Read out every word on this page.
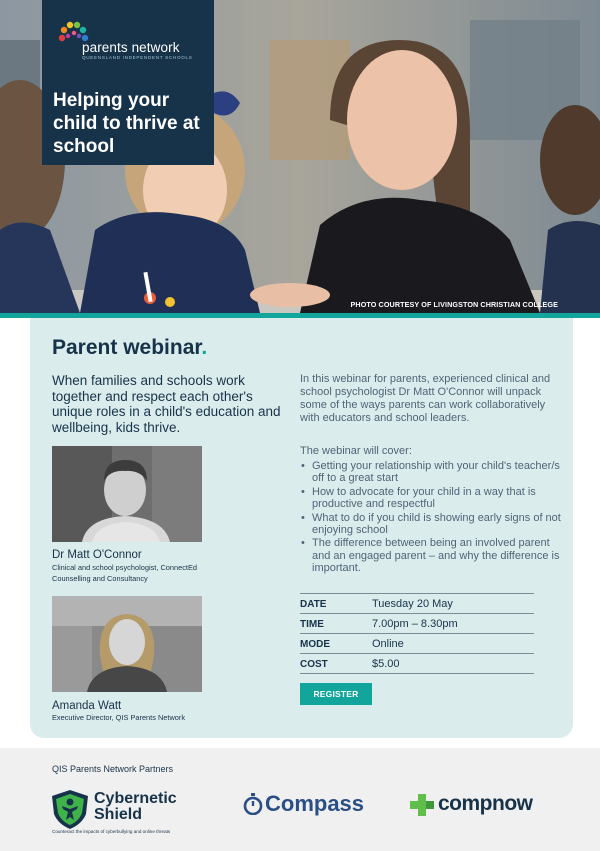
parents network
QUEENSLAND INDEPENDENT SCHOOLS
Helping your child to thrive at school
PHOTO COURTESY OF LIVINGSTON CHRISTIAN COLLEGE
Parent webinar.
When families and schools work together and respect each other's unique roles in a child's education and wellbeing, kids thrive.
Dr Matt O'Connor
Clinical and school psychologist, ConnectEd Counselling and Consultancy
Amanda Watt
Executive Director, QIS Parents Network
In this webinar for parents, experienced clinical and school psychologist Dr Matt O'Connor will unpack some of the ways parents can work collaboratively with educators and school leaders.
The webinar will cover:
• Getting your relationship with your child's teacher/s off to a great start
• How to advocate for your child in a way that is productive and respectful
• What to do if you child is showing early signs of not enjoying school
• The difference between being an involved parent and an engaged parent – and why the difference is important.
DATE	Tuesday 20 May
TIME	7.00pm – 8.30pm
MODE	Online
COST	$5.00
REGISTER
QIS Parents Network Partners
Cybernetic
Shield
Counteract the impacts of cyberbullying and online threats
Compass	compnow
